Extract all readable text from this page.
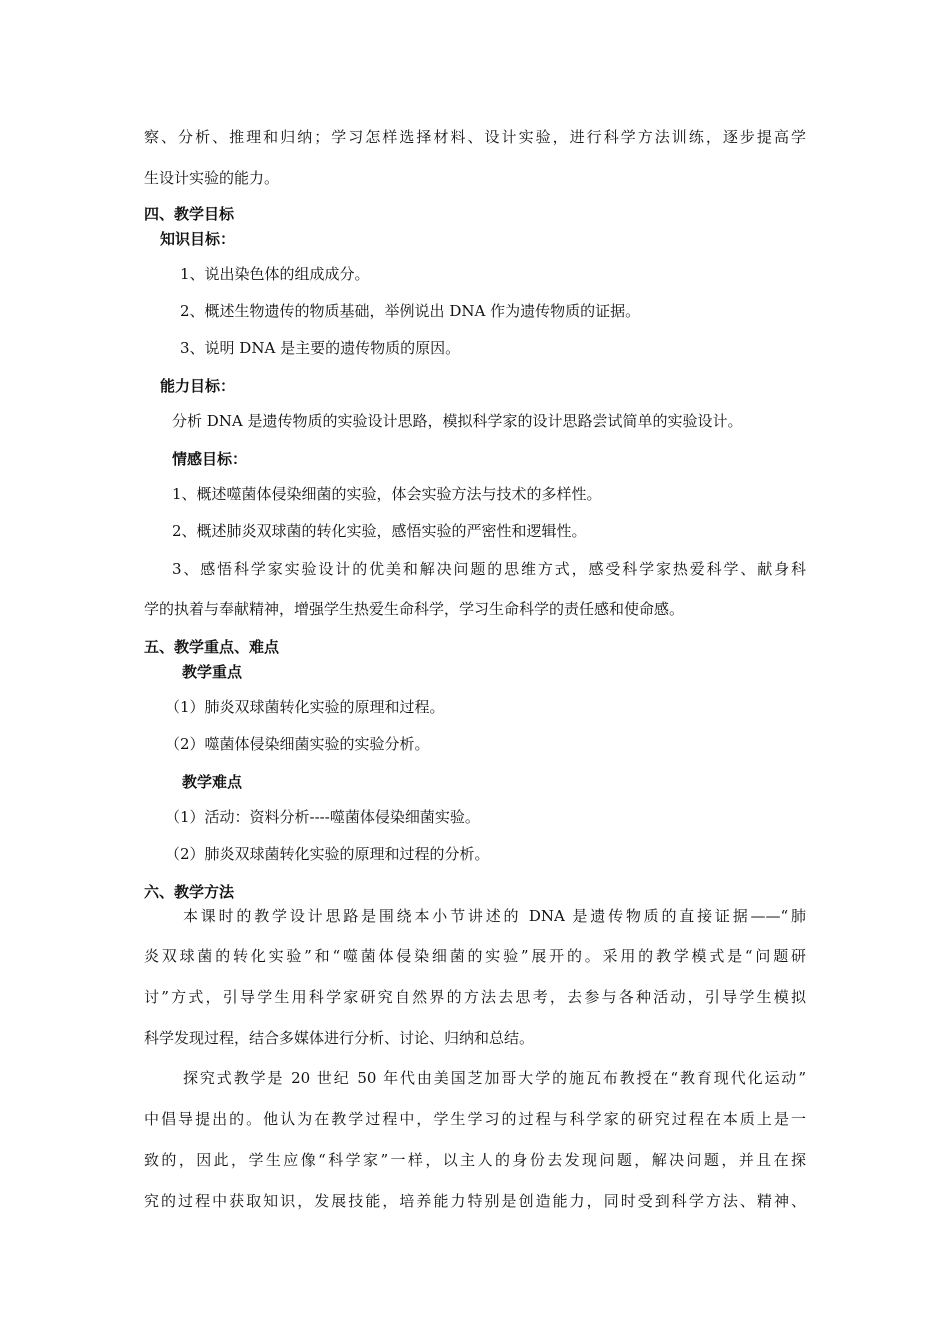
察、分析、推理和归纳；学习怎样选择材料、设计实验，进行科学方法训练，逐步提高学
生设计实验的能力。
四、教学目标
知识目标：
1、说出染色体的组成成分。
2、概述生物遗传的物质基础，举例说出 DNA 作为遗传物质的证据。
3、说明 DNA 是主要的遗传物质的原因。
能力目标：
分析 DNA 是遗传物质的实验设计思路，模拟科学家的设计思路尝试简单的实验设计。
情感目标：
1、概述噬菌体侵染细菌的实验，体会实验方法与技术的多样性。
2、概述肺炎双球菌的转化实验，感悟实验的严密性和逻辑性。
3、感悟科学家实验设计的优美和解决问题的思维方式，感受科学家热爱科学、献身科
学的执着与奉献精神，增强学生热爱生命科学，学习生命科学的责任感和使命感。
五、教学重点、难点
教学重点
（1）肺炎双球菌转化实验的原理和过程。
（2）噬菌体侵染细菌实验的实验分析。
教学难点
（1）活动：资料分析----噬菌体侵染细菌实验。
（2）肺炎双球菌转化实验的原理和过程的分析。
六、教学方法
本课时的教学设计思路是围绕本小节讲述的 DNA 是遗传物质的直接证据——“肺
炎双球菌的转化实验”和“噬菌体侵染细菌的实验”展开的。采用的教学模式是“问题研
讨”方式，引导学生用科学家研究自然界的方法去思考，去参与各种活动，引导学生模拟
科学发现过程，结合多媒体进行分析、讨论、归纳和总结。
探究式教学是 20 世纪 50 年代由美国芝加哥大学的施瓦布教授在“教育现代化运动”
中倡导提出的。他认为在教学过程中，学生学习的过程与科学家的研究过程在本质上是一
致的，因此，学生应像“科学家”一样，以主人的身份去发现问题，解决问题，并且在探
究的过程中获取知识，发展技能，培养能力特别是创造能力，同时受到科学方法、精神、
